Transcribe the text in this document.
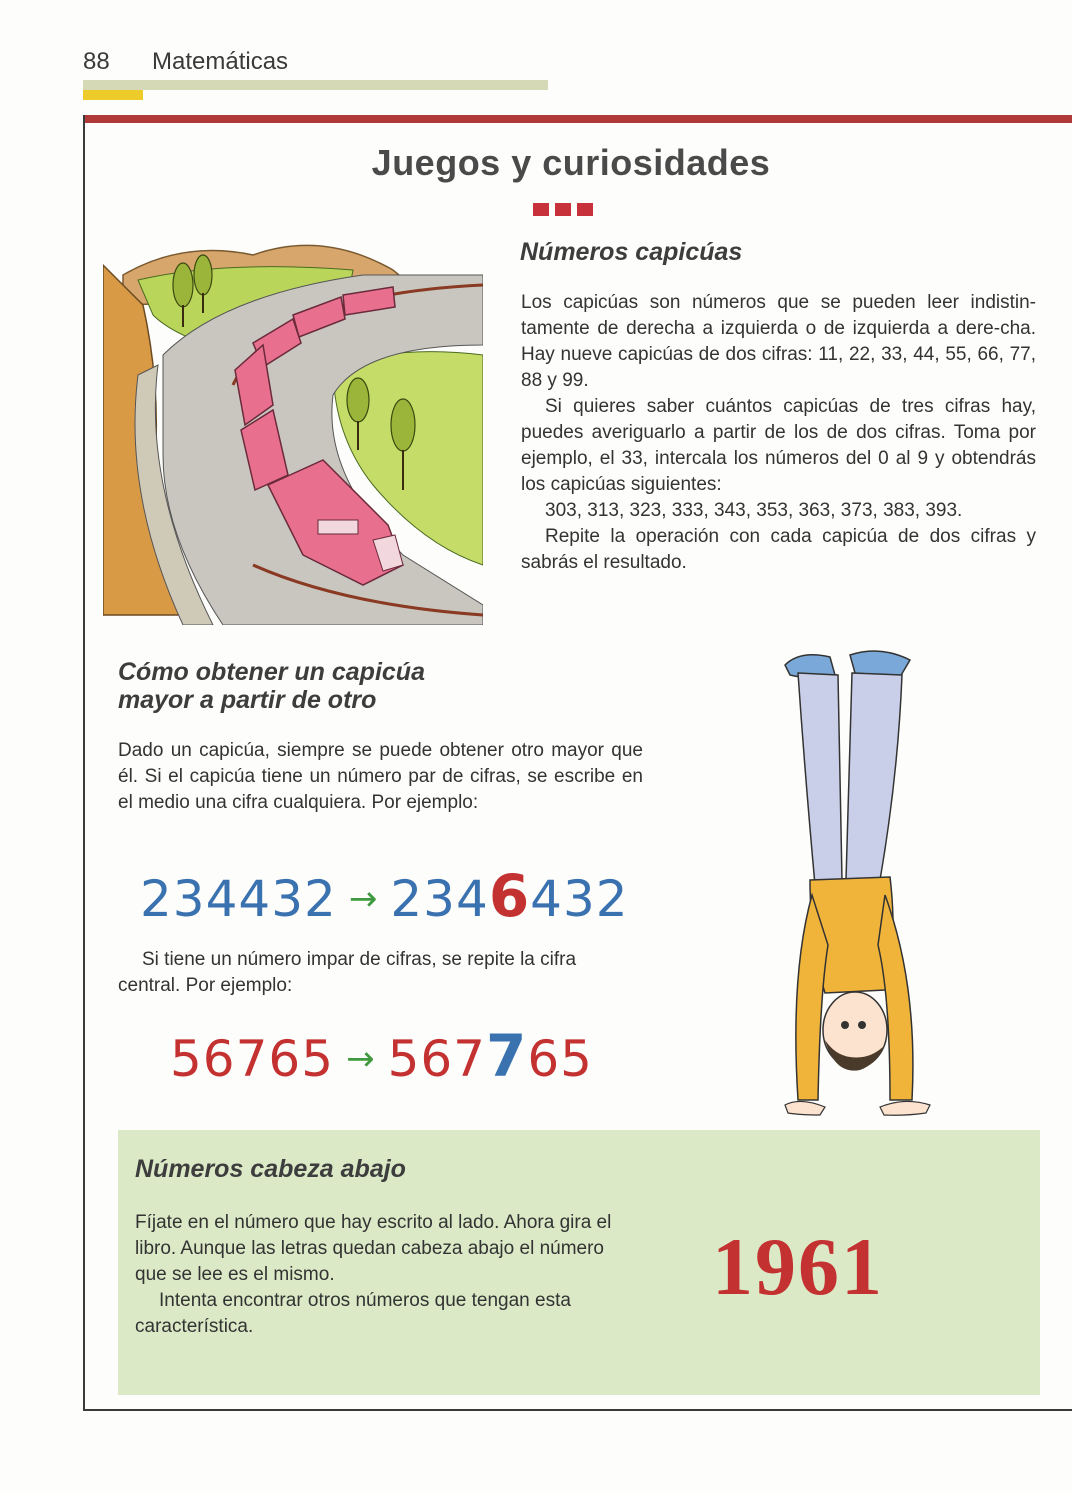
88 Matemáticas
Juegos y curiosidades
Números capicúas

Los capicúas son números que se pueden leer indistin-tamente de derecha a izquierda o de izquierda a dere-cha. Hay nueve capicúas de dos cifras: 11, 22, 33, 44, 55, 66, 77, 88 y 99.

Si quieres saber cuántos capicúas de tres cifras hay, puedes averiguarlo a partir de los de dos cifras. Toma por ejemplo, el 33, intercala los números del 0 al 9 y obtendrás los capicúas siguientes:

303, 313, 323, 333, 343, 353, 363, 373, 383, 393.

Repite la operación con cada capicúa de dos cifras y sabrás el resultado.

Cómo obtener un capicúa
mayor a partir de otro
Dado un capicúa, siempre se puede obtener otro mayor que él. Si el capicúa tiene un número par de cifras, se escribe en el medio una cifra cualquiera. Por ejemplo:
234432 → 2346432
Si tiene un número impar de cifras, se repite la cifra central. Por ejemplo:
56765 → 567765
Números cabeza abajo

Fíjate en el número que hay escrito al lado. Ahora gira el libro. Aunque las letras quedan cabeza abajo el número que se lee es el mismo.

Intenta encontrar otros números que tengan esta característica.

1961
